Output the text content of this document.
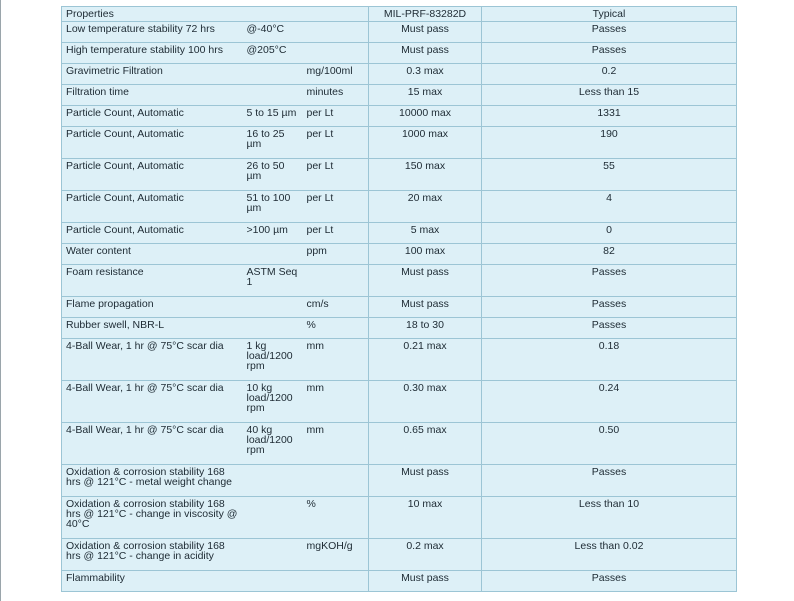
Properties			MIL-PRF-83282D	Typical
Low temperature stability 72 hrs	@-40°C		Must pass	Passes
High temperature stability 100 hrs	@205°C		Must pass	Passes
Gravimetric Filtration		mg/100ml	0.3 max	0.2
Filtration time		minutes	15 max	Less than 15
Particle Count, Automatic	5 to 15 µm	per Lt	10000 max	1331
Particle Count, Automatic	16 to 25 µm	per Lt	1000 max	190
Particle Count, Automatic	26 to 50 µm	per Lt	150 max	55
Particle Count, Automatic	51 to 100 µm	per Lt	20 max	4
Particle Count, Automatic	>100 µm	per Lt	5 max	0
Water content		ppm	100 max	82
Foam resistance	ASTM Seq 1		Must pass	Passes
Flame propagation		cm/s	Must pass	Passes
Rubber swell, NBR-L		%	18 to 30	Passes
4-Ball Wear, 1 hr @ 75°C scar dia	1 kg load/1200 rpm	mm	0.21 max	0.18
4-Ball Wear, 1 hr @ 75°C scar dia	10 kg load/1200 rpm	mm	0.30 max	0.24
4-Ball Wear, 1 hr @ 75°C scar dia	40 kg load/1200 rpm	mm	0.65 max	0.50
Oxidation & corrosion stability 168 hrs @ 121°C - metal weight change			Must pass	Passes
Oxidation & corrosion stability 168 hrs @ 121°C - change in viscosity @ 40°C		%	10 max	Less than 10
Oxidation & corrosion stability 168 hrs @ 121°C - change in acidity		mgKOH/g	0.2 max	Less than 0.02
Flammability			Must pass	Passes
